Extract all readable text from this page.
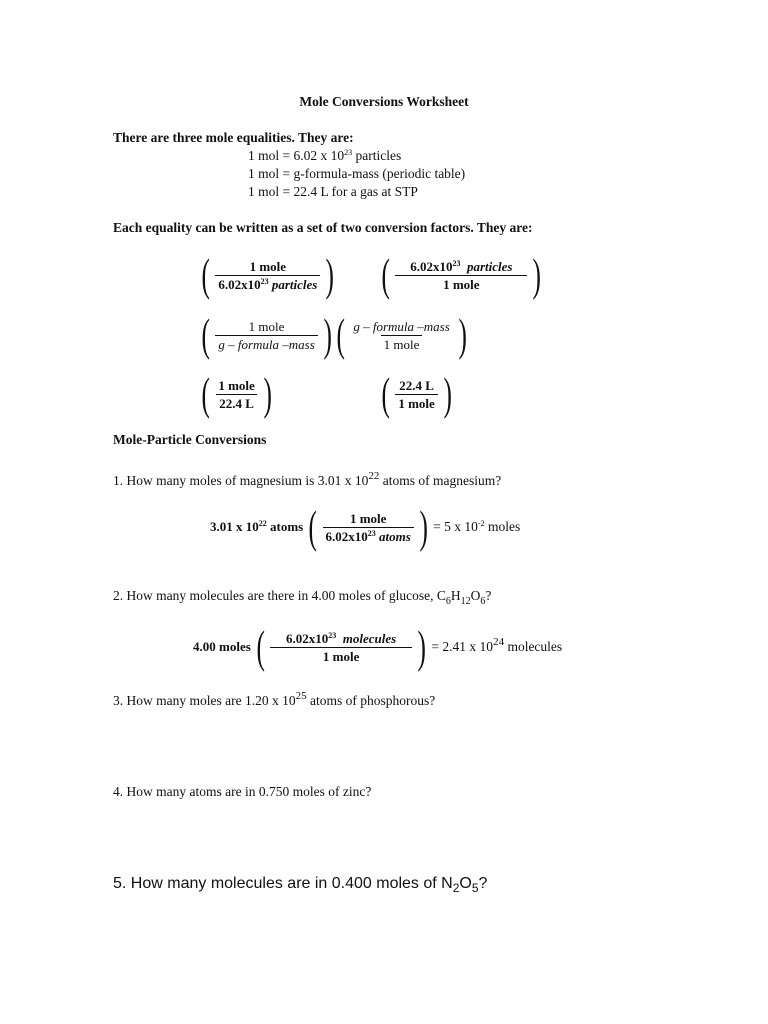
Mole Conversions Worksheet
There are three mole equalities. They are:
1 mol = 6.02 x $10^{23}$ particles
1 mol = g-formula-mass (periodic table)
1 mol = 22.4 L for a gas at STP
Each equality can be written as a set of two conversion factors. They are:
( $\frac{\text{1 mole}}{6.02x10^{23} particles}$ ) ( $\frac{6.02x10^{23} particles}{\text{1 mole}}$ )
( $\frac{\text{1 mole}}{\text{g – formula –mass}}$ ) ( $\frac{\text{g – formula –mass}}{\text{1 mole}}$ )
( $\frac{\text{1 mole}}{22.4 L}$ ) ( $\frac{22.4 L}{\text{1 mole}}$ )
Mole-Particle Conversions
1. How many moles of magnesium is 3.01 x $10^{22}$ atoms of magnesium?
3.01 x $10^{22}$ atoms ( $\frac{\text{1 mole}}{6.02x10^{23} atoms}$ ) = 5 x $10^{-2}$ moles
2. How many molecules are there in 4.00 moles of glucose, $C_6H_{12}O_6$?
4.00 moles ( $\frac{6.02x10^{23} molecules}{\text{1 mole}}$ ) = 2.41 x $10^{24}$ molecules
3. How many moles are 1.20 x $10^{25}$ atoms of phosphorous?
4. How many atoms are in 0.750 moles of zinc?
5. How many molecules are in 0.400 moles of $N_2O_5$?
